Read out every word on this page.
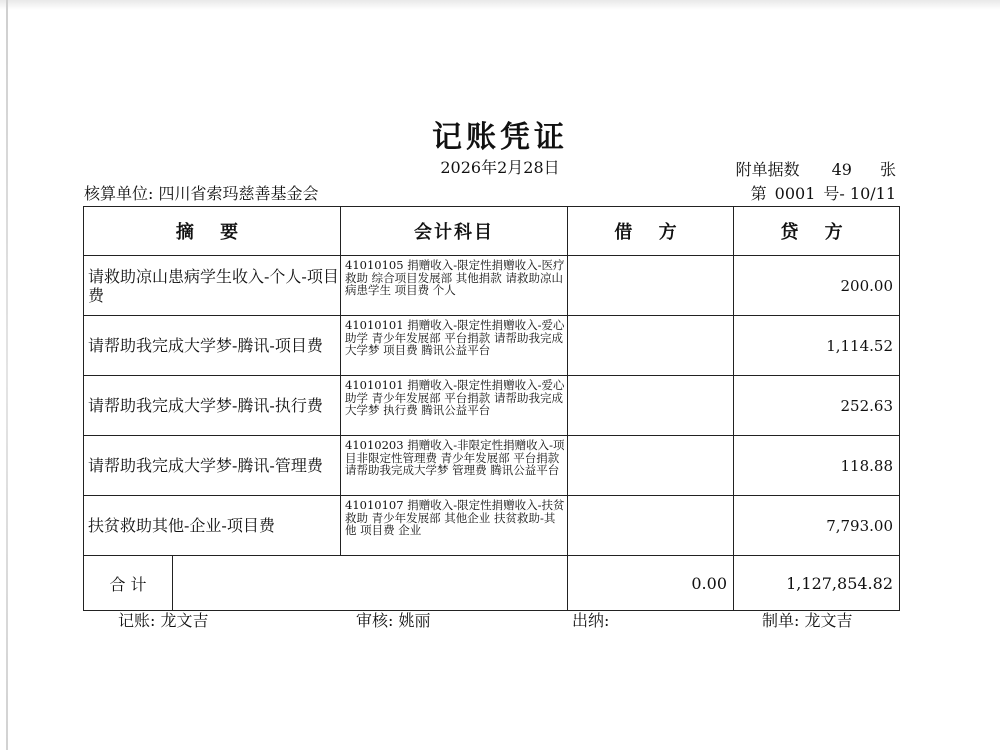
记账凭证
2026年2月28日	附单据数 49 张
核算单位: 四川省索玛慈善基金会	第 0001 号- 10/11
摘 要	会计科目	借 方	贷 方
请救助凉山患病学生收入-个人-项目费	41010105 捐赠收入-限定性捐赠收入-医疗救助 综合项目发展部 其他捐款 请救助凉山病患学生 项目费 个人		200.00
请帮助我完成大学梦-腾讯-项目费	41010101 捐赠收入-限定性捐赠收入-爱心助学 青少年发展部 平台捐款 请帮助我完成大学梦 项目费 腾讯公益平台		1,114.52
请帮助我完成大学梦-腾讯-执行费	41010101 捐赠收入-限定性捐赠收入-爱心助学 青少年发展部 平台捐款 请帮助我完成大学梦 执行费 腾讯公益平台		252.63
请帮助我完成大学梦-腾讯-管理费	41010203 捐赠收入-非限定性捐赠收入-项目非限定性管理费 青少年发展部 平台捐款 请帮助我完成大学梦 管理费 腾讯公益平台		118.88
扶贫救助其他-企业-项目费	41010107 捐赠收入-限定性捐赠收入-扶贫救助 青少年发展部 其他企业 扶贫救助-其他 项目费 企业		7,793.00

合 计		0.00	1,127,854.82
记账: 龙文吉	审核: 姚丽	出纳:	制单: 龙文吉
